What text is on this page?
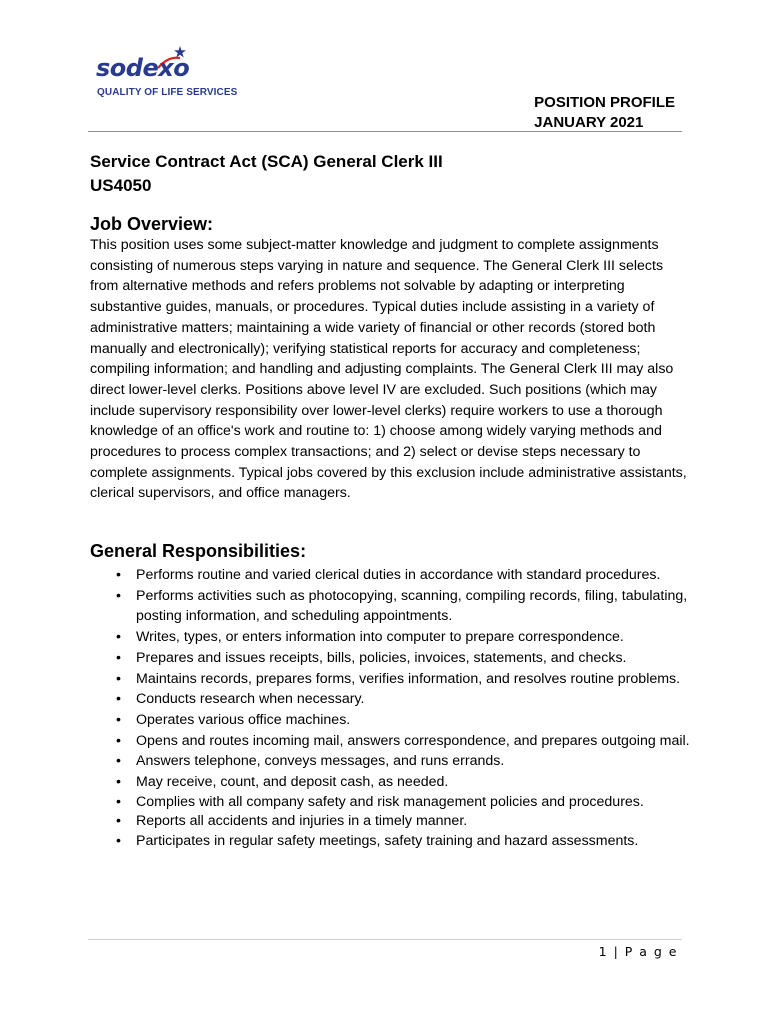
sodexo
QUALITY OF LIFE SERVICES
POSITION PROFILE
JANUARY 2021
Service Contract Act (SCA) General Clerk III
US4050
Job Overview:

This position uses some subject-matter knowledge and judgment to complete assignments consisting of numerous steps varying in nature and sequence. The General Clerk III selects from alternative methods and refers problems not solvable by adapting or interpreting substantive guides, manuals, or procedures. Typical duties include assisting in a variety of administrative matters; maintaining a wide variety of financial or other records (stored both manually and electronically); verifying statistical reports for accuracy and completeness; compiling information; and handling and adjusting complaints. The General Clerk III may also direct lower-level clerks. Positions above level IV are excluded. Such positions (which may include supervisory responsibility over lower-level clerks) require workers to use a thorough knowledge of an office's work and routine to: 1) choose among widely varying methods and procedures to process complex transactions; and 2) select or devise steps necessary to complete assignments. Typical jobs covered by this exclusion include administrative assistants, clerical supervisors, and office managers.

General Responsibilities:
• Performs routine and varied clerical duties in accordance with standard procedures.
• Performs activities such as photocopying, scanning, compiling records, filing, tabulating, posting information, and scheduling appointments.
• Writes, types, or enters information into computer to prepare correspondence.
• Prepares and issues receipts, bills, policies, invoices, statements, and checks.
• Maintains records, prepares forms, verifies information, and resolves routine problems.
• Conducts research when necessary.
• Operates various office machines.
• Opens and routes incoming mail, answers correspondence, and prepares outgoing mail.
• Answers telephone, conveys messages, and runs errands.
• May receive, count, and deposit cash, as needed.
• Complies with all company safety and risk management policies and procedures.
• Reports all accidents and injuries in a timely manner.
• Participates in regular safety meetings, safety training and hazard assessments.
1 | P a g e
